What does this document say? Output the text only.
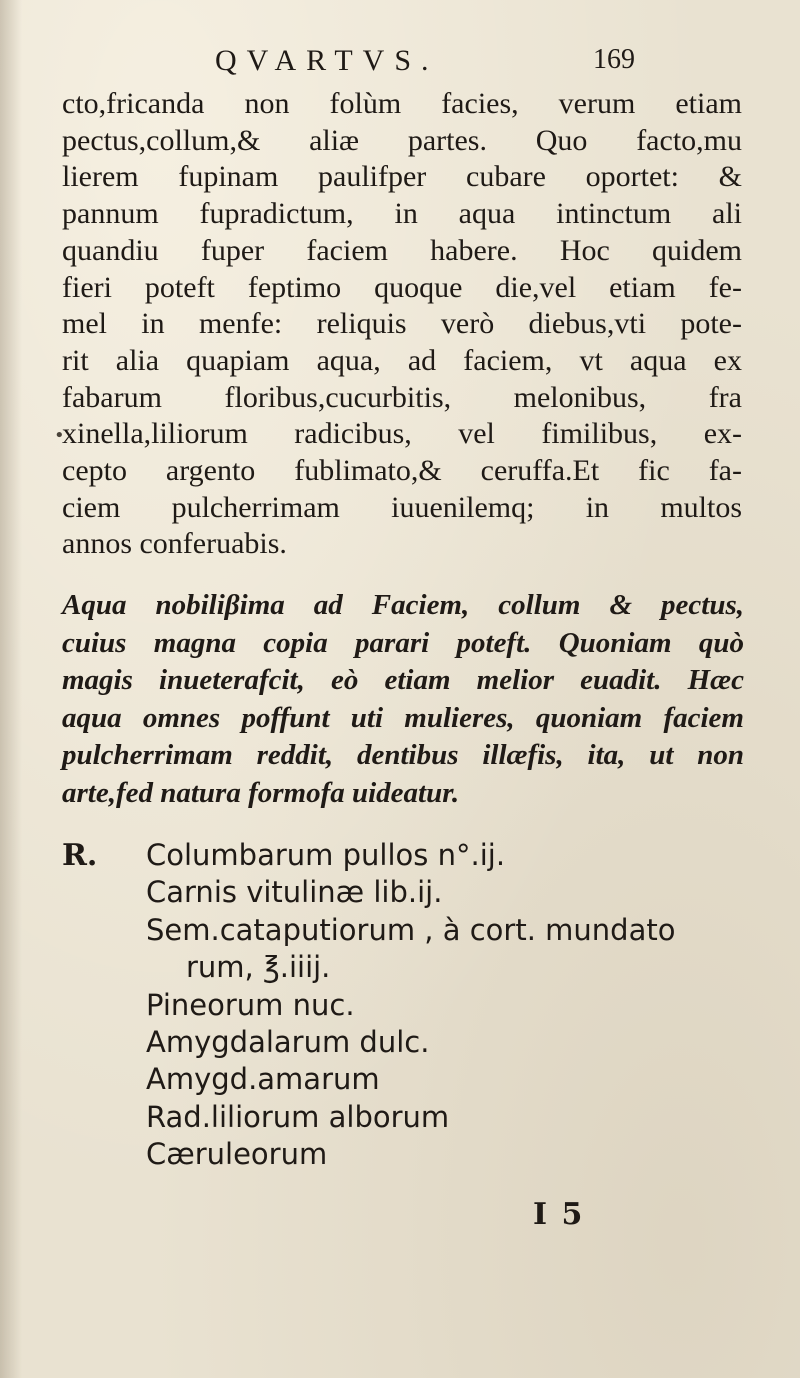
QVARTVS.	169
•
cto,fricanda non folùm facies, verum etiam
pectus,collum,& aliæ partes. Quo facto,mu
lierem fupinam paulifper cubare oportet: &
pannum fupradictum, in aqua intinctum ali
quandiu fuper faciem habere. Hoc quidem
fieri poteft feptimo quoque die,vel etiam fe-
mel in menfe: reliquis verò diebus,vti pote-
rit alia quapiam aqua, ad faciem, vt aqua ex
fabarum floribus,cucurbitis, melonibus, fra
xinella,liliorum radicibus, vel fimilibus, ex-
cepto argento fublimato,& ceruffa.Et fic fa-
ciem pulcherrimam iuuenilemq; in multos
annos conferuabis.
Aqua nobiliβima ad Faciem, collum & pectus,
cuius magna copia parari poteft. Quoniam quò
magis inueterafcit, eò etiam melior euadit. Hæc
aqua omnes poffunt uti mulieres, quoniam faciem
pulcherrimam reddit, dentibus illæfis, ita, ut non
arte,fed natura formofa uideatur.
R. Columbarum pullos n°.ij.
Carnis vitulinæ lib.ij.
Sem.cataputiorum , à cort. mundato
rum, ℥.iiij.
Pineorum nuc.
Amygdalarum dulc.
Amygd.amarum
Rad.liliorum alborum
Cæruleorum
I 5
